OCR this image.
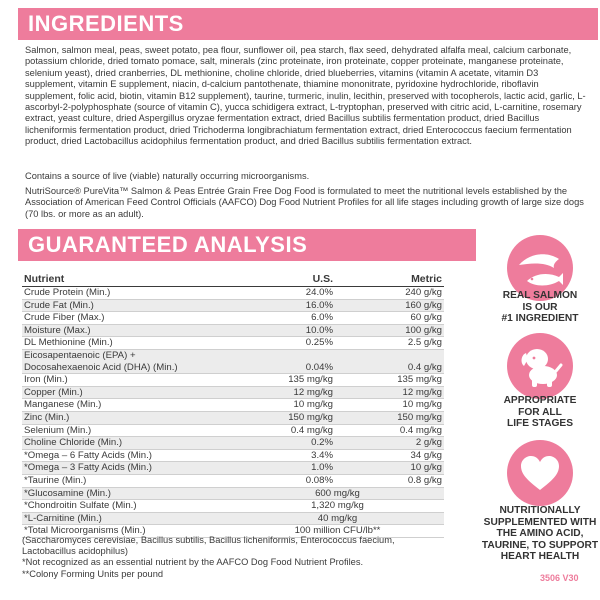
INGREDIENTS

Salmon, salmon meal, peas, sweet potato, pea flour, sunflower oil, pea starch, flax seed, dehydrated alfalfa meal, calcium carbonate, potassium chloride, dried tomato pomace, salt, minerals (zinc proteinate, iron proteinate, copper proteinate, manganese proteinate, selenium yeast), dried cranberries, DL methionine, choline chloride, dried blueberries, vitamins (vitamin A acetate, vitamin D3 supplement, vitamin E supplement, niacin, d-calcium pantothenate, thiamine mononitrate, pyridoxine hydrochloride, riboflavin supplement, folic acid, biotin, vitamin B12 supplement), taurine, turmeric, inulin, lecithin, preserved with tocopherols, lactic acid, garlic, L-ascorbyl-2-polyphosphate (source of vitamin C), yucca schidigera extract, L-tryptophan, preserved with citric acid, L-carnitine, rosemary extract, yeast culture, dried Aspergillus oryzae fermentation extract, dried Bacillus subtilis fermentation product, dried Bacillus licheniformis fermentation product, dried Trichoderma longibrachiatum fermentation extract, dried Enterococcus faecium fermentation product, dried Lactobacillus acidophilus fermentation product, and dried Bacillus subtilis fermentation extract.

Contains a source of live (viable) naturally occurring microorganisms.

NutriSource® PureVita™ Salmon & Peas Entrée Grain Free Dog Food is formulated to meet the nutritional levels established by the Association of American Feed Control Officials (AAFCO) Dog Food Nutrient Profiles for all life stages including growth of large size dogs (70 lbs. or more as an adult).

GUARANTEED ANALYSIS
Nutrient	U.S.	Metric
Crude Protein (Min.)	24.0%	240 g/kg
Crude Fat (Min.)	16.0%	160 g/kg
Crude Fiber (Max.)	6.0%	60 g/kg
Moisture (Max.)	10.0%	100 g/kg
DL Methionine (Min.)	0.25%	2.5 g/kg

Eicosapentaenoic (EPA) +
Docosahexaenoic Acid (DHA) (Min.)	0.04%	0.4 g/kg
Iron (Min.)	135 mg/kg	135 mg/kg
Copper (Min.)	12 mg/kg	12 mg/kg
Manganese (Min.)	10 mg/kg	10 mg/kg
Zinc (Min.)	150 mg/kg	150 mg/kg
Selenium (Min.)	0.4 mg/kg	0.4 mg/kg
Choline Chloride (Min.)	0.2%	2 g/kg
*Omega – 6 Fatty Acids (Min.)	3.4%	34 g/kg
*Omega – 3 Fatty Acids (Min.)	1.0%	10 g/kg
*Taurine (Min.)	0.08%	0.8 g/kg
*Glucosamine (Min.)	600 mg/kg	
*Chondroitin Sulfate (Min.)	1,320 mg/kg	
*L-Carnitine (Min.)	40 mg/kg	
*Total Microorganisms (Min.)	100 million CFU/lb**	

(Saccharomyces cerevisiae, Bacillus subtilis, Bacillus licheniformis, Enterococcus faecium,
Lactobacillus acidophilus)
*Not recognized as an essential nutrient by the AAFCO Dog Food Nutrient Profiles.
**Colony Forming Units per pound

REAL SALMON
IS OUR
#1 INGREDIENT
APPROPRIATE
FOR ALL
LIFE STAGES
NUTRITIONALLY
SUPPLEMENTED WITH
THE AMINO ACID,
TAURINE, TO SUPPORT
HEART HEALTH
3506 V30
